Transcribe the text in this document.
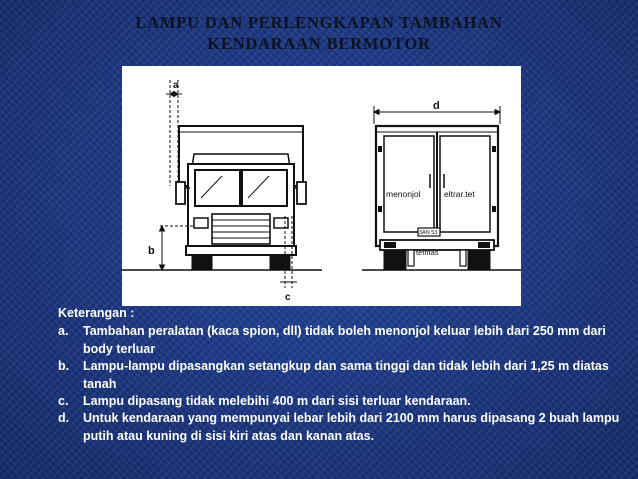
LAMPU DAN PERLENGKAPAN TAMBAHAN
KENDARAAN BERMOTOR
a
b
c
d
menonjol	eltrar.tet
tefritas
3AN 53
Keterangan :
a. Tambahan peralatan (kaca spion, dll) tidak boleh menonjol keluar lebih dari 250 mm dari body terluar
b. Lampu-lampu dipasangkan setangkup dan sama tinggi dan tidak lebih dari 1,25 m diatas tanah
c. Lampu dipasang tidak melebihi 400 m dari sisi terluar kendaraan.
d. Untuk kendaraan yang mempunyai lebar lebih dari 2100 mm harus dipasang 2 buah lampu putih atau kuning di sisi kiri atas dan kanan atas.
